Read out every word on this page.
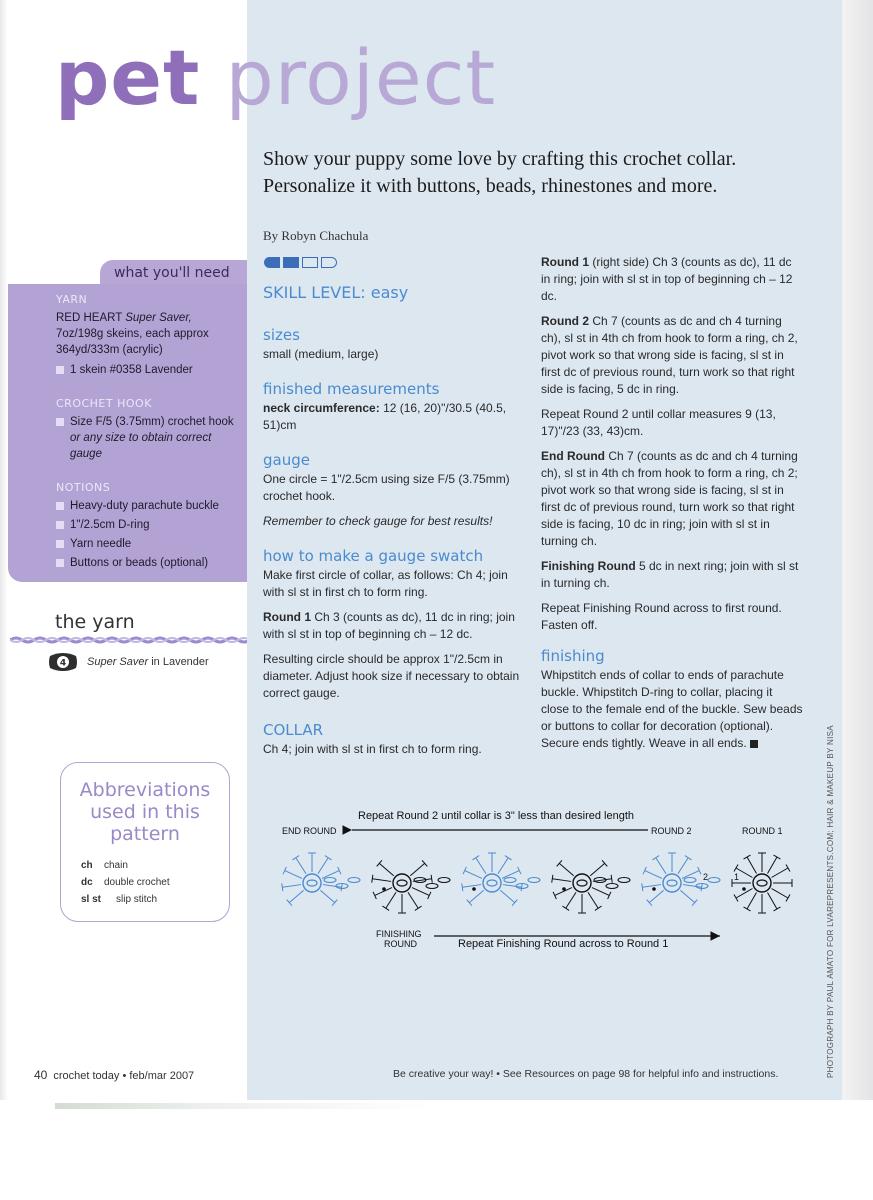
pet project
Show your puppy some love by crafting this crochet collar. Personalize it with buttons, beads, rhinestones and more.
By Robyn Chachula
SKILL LEVEL: easy
sizes
small (medium, large)
finished measurements
neck circumference: 12 (16, 20)"/30.5 (40.5, 51)cm
gauge
One circle = 1"/2.5cm using size F/5 (3.75mm) crochet hook.
Remember to check gauge for best results!
how to make a gauge swatch
Make first circle of collar, as follows: Ch 4; join with sl st in first ch to form ring.
Round 1 Ch 3 (counts as dc), 11 dc in ring; join with sl st in top of beginning ch – 12 dc.
Resulting circle should be approx 1"/2.5cm in diameter. Adjust hook size if necessary to obtain correct gauge.
COLLAR
Ch 4; join with sl st in first ch to form ring.
Round 1 (right side) Ch 3 (counts as dc), 11 dc in ring; join with sl st in top of beginning ch – 12 dc.
Round 2 Ch 7 (counts as dc and ch 4 turning ch), sl st in 4th ch from hook to form a ring, ch 2, pivot work so that wrong side is facing, sl st in first dc of previous round, turn work so that right side is facing, 5 dc in ring.
Repeat Round 2 until collar measures 9 (13, 17)"/23 (33, 43)cm.
End Round Ch 7 (counts as dc and ch 4 turning ch), sl st in 4th ch from hook to form a ring, ch 2; pivot work so that wrong side is facing, sl st in first dc of previous round, turn work so that right side is facing, 10 dc in ring; join with sl st in turning ch.
Finishing Round 5 dc in next ring; join with sl st in turning ch.
Repeat Finishing Round across to first round. Fasten off.
finishing
Whipstitch ends of collar to ends of parachute buckle. Whipstitch D-ring to collar, placing it close to the female end of the buckle. Sew beads or buttons to collar for decoration (optional). Secure ends tightly. Weave in all ends.
what you'll need
YARN
RED HEART Super Saver, 7oz/198g skeins, each approx 364yd/333m (acrylic)
1 skein #0358 Lavender
CROCHET HOOK
Size F/5 (3.75mm) crochet hook or any size to obtain correct gauge
NOTIONS
Heavy-duty parachute buckle
1"/2.5cm D-ring
Yarn needle
Buttons or beads (optional)
the yarn
4 Super Saver in Lavender
Abbreviations used in this pattern
ch	chain
dc	double crochet
sl st	slip stitch
Repeat Round 2 until collar is 3" less than desired length
END ROUND	ROUND 2	ROUND 1
FINISHING
ROUND	Repeat Finishing Round across to Round 1
2	1
40 crochet today • feb/mar 2007	Be creative your way! • See Resources on page 98 for helpful info and instructions.	PHOTOGRAPH BY PAUL AMATO FOR LVAREPRESENTS.COM; HAIR & MAKEUP BY NISA
